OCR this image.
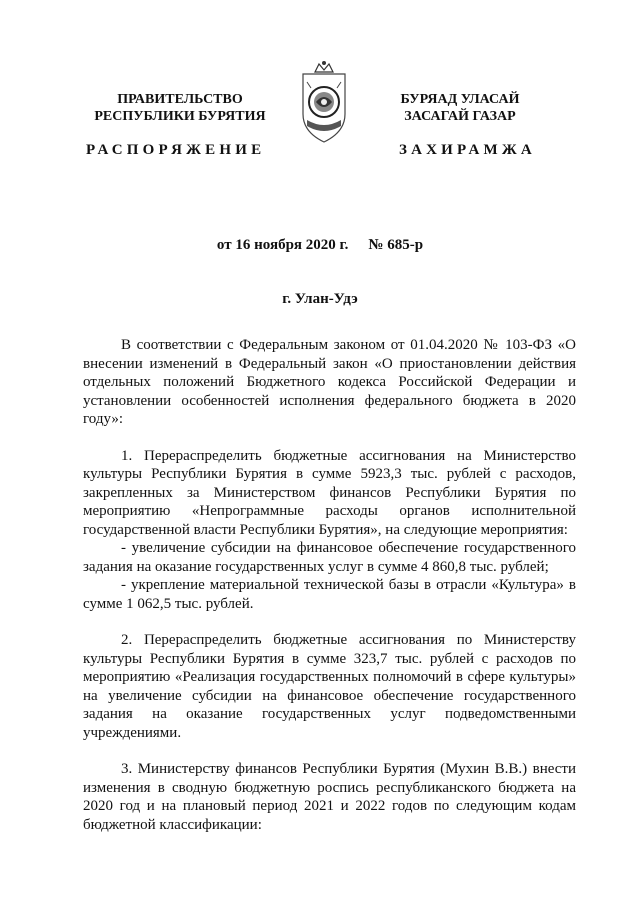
ПРАВИТЕЛЬСТВО
РЕСПУБЛИКИ БУРЯТИЯ
БУРЯАД УЛАСАЙ
ЗАСАГАЙ ГАЗАР
РАСПОРЯЖЕНИЕ	ЗАХИРАМЖА
от 16 ноября 2020 г. № 685-р
г. Улан-Удэ

В соответствии с Федеральным законом от 01.04.2020 № 103-ФЗ «О внесении изменений в Федеральный закон «О приостановлении действия отдельных положений Бюджетного кодекса Российской Федерации и установлении особенностей исполнения федерального бюджета в 2020 году»:

1. Перераспределить бюджетные ассигнования на Министерство культуры Республики Бурятия в сумме 5923,3 тыс. рублей с расходов, закрепленных за Министерством финансов Республики Бурятия по мероприятию «Непрограммные расходы органов исполнительной государственной власти Республики Бурятия», на следующие мероприятия:

- увеличение субсидии на финансовое обеспечение государственного задания на оказание государственных услуг в сумме 4 860,8 тыс. рублей;

- укрепление материальной технической базы в отрасли «Культура» в сумме 1 062,5 тыс. рублей.

2. Перераспределить бюджетные ассигнования по Министерству культуры Республики Бурятия в сумме 323,7 тыс. рублей с расходов по мероприятию «Реализация государственных полномочий в сфере культуры» на увеличение субсидии на финансовое обеспечение государственного задания на оказание государственных услуг подведомственными учреждениями.

3. Министерству финансов Республики Бурятия (Мухин В.В.) внести изменения в сводную бюджетную роспись республиканского бюджета на 2020 год и на плановый период 2021 и 2022 годов по следующим кодам бюджетной классификации:
